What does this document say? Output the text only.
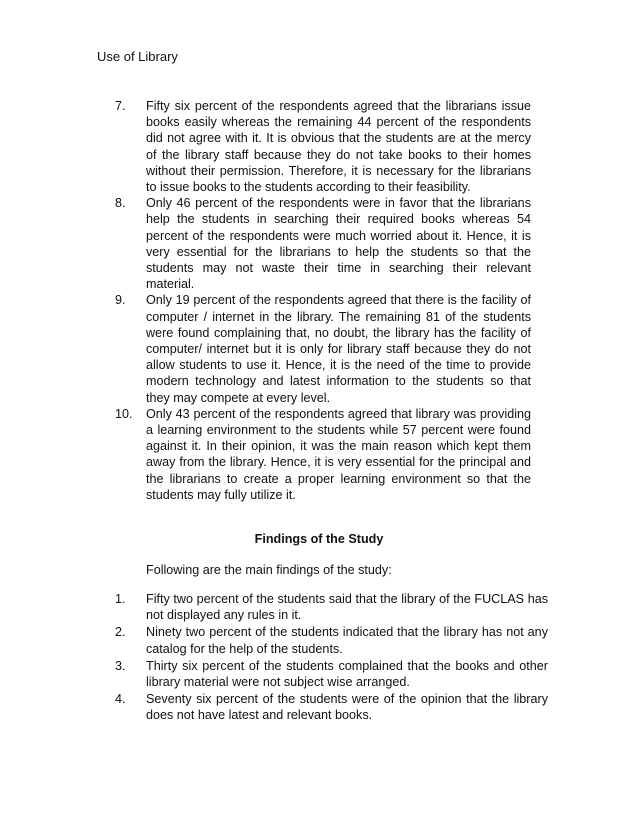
Use of Library
7. Fifty six percent of the respondents agreed that the librarians issue books easily whereas the remaining 44 percent of the respondents did not agree with it. It is obvious that the students are at the mercy of the library staff because they do not take books to their homes without their permission. Therefore, it is necessary for the librarians to issue books to the students according to their feasibility.
8. Only 46 percent of the respondents were in favor that the librarians help the students in searching their required books whereas 54 percent of the respondents were much worried about it. Hence, it is very essential for the librarians to help the students so that the students may not waste their time in searching their relevant material.
9. Only 19 percent of the respondents agreed that there is the facility of computer / internet in the library. The remaining 81 of the students were found complaining that, no doubt, the library has the facility of computer/ internet but it is only for library staff because they do not allow students to use it. Hence, it is the need of the time to provide modern technology and latest information to the students so that they may compete at every level.
10. Only 43 percent of the respondents agreed that library was providing a learning environment to the students while 57 percent were found against it. In their opinion, it was the main reason which kept them away from the library. Hence, it is very essential for the principal and the librarians to create a proper learning environment so that the students may fully utilize it.
Findings of the Study
Following are the main findings of the study:
1. Fifty two percent of the students said that the library of the FUCLAS has not displayed any rules in it.
2. Ninety two percent of the students indicated that the library has not any catalog for the help of the students.
3. Thirty six percent of the students complained that the books and other library material were not subject wise arranged.
4. Seventy six percent of the students were of the opinion that the library does not have latest and relevant books.
